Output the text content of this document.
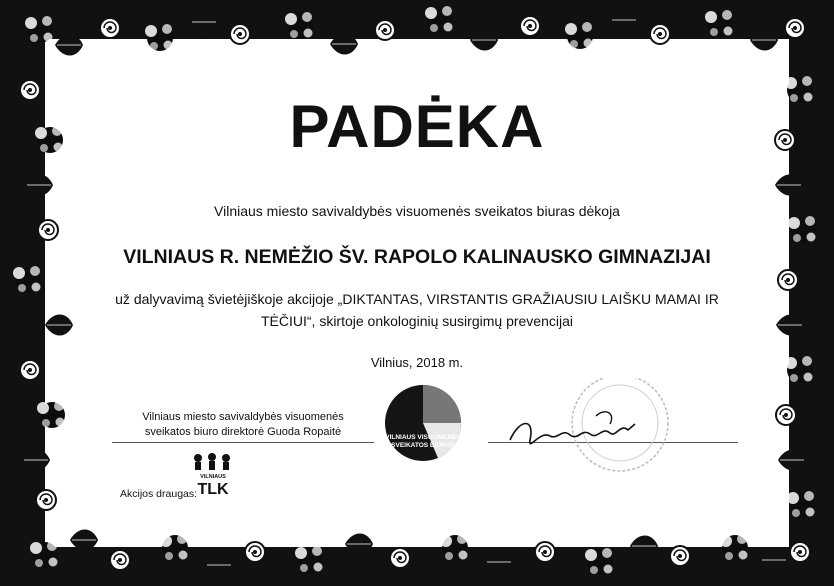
PADĖKA
Vilniaus miesto savivaldybės visuomenės sveikatos biuras dėkoja
VILNIAUS R. NEMĖŽIO ŠV. RAPOLO KALINAUSKO GIMNAZIJAI
už dalyvavimą švietėjiškoje akcijoje „DIKTANTAS, VIRSTANTIS GRAŽIAUSIU LAIŠKU MAMAI IR
TĖČIUI“, skirtoje onkologinių susirgimų prevencijai
Vilnius, 2018 m.
Vilniaus miesto savivaldybės visuomenės
sveikatos biuro direktorė Guoda Ropaitė	VILNIAUS VISUOMENĖS
SVEIKATOS BIURAS
Akcijos draugas:
VILNIAUS
TLK
